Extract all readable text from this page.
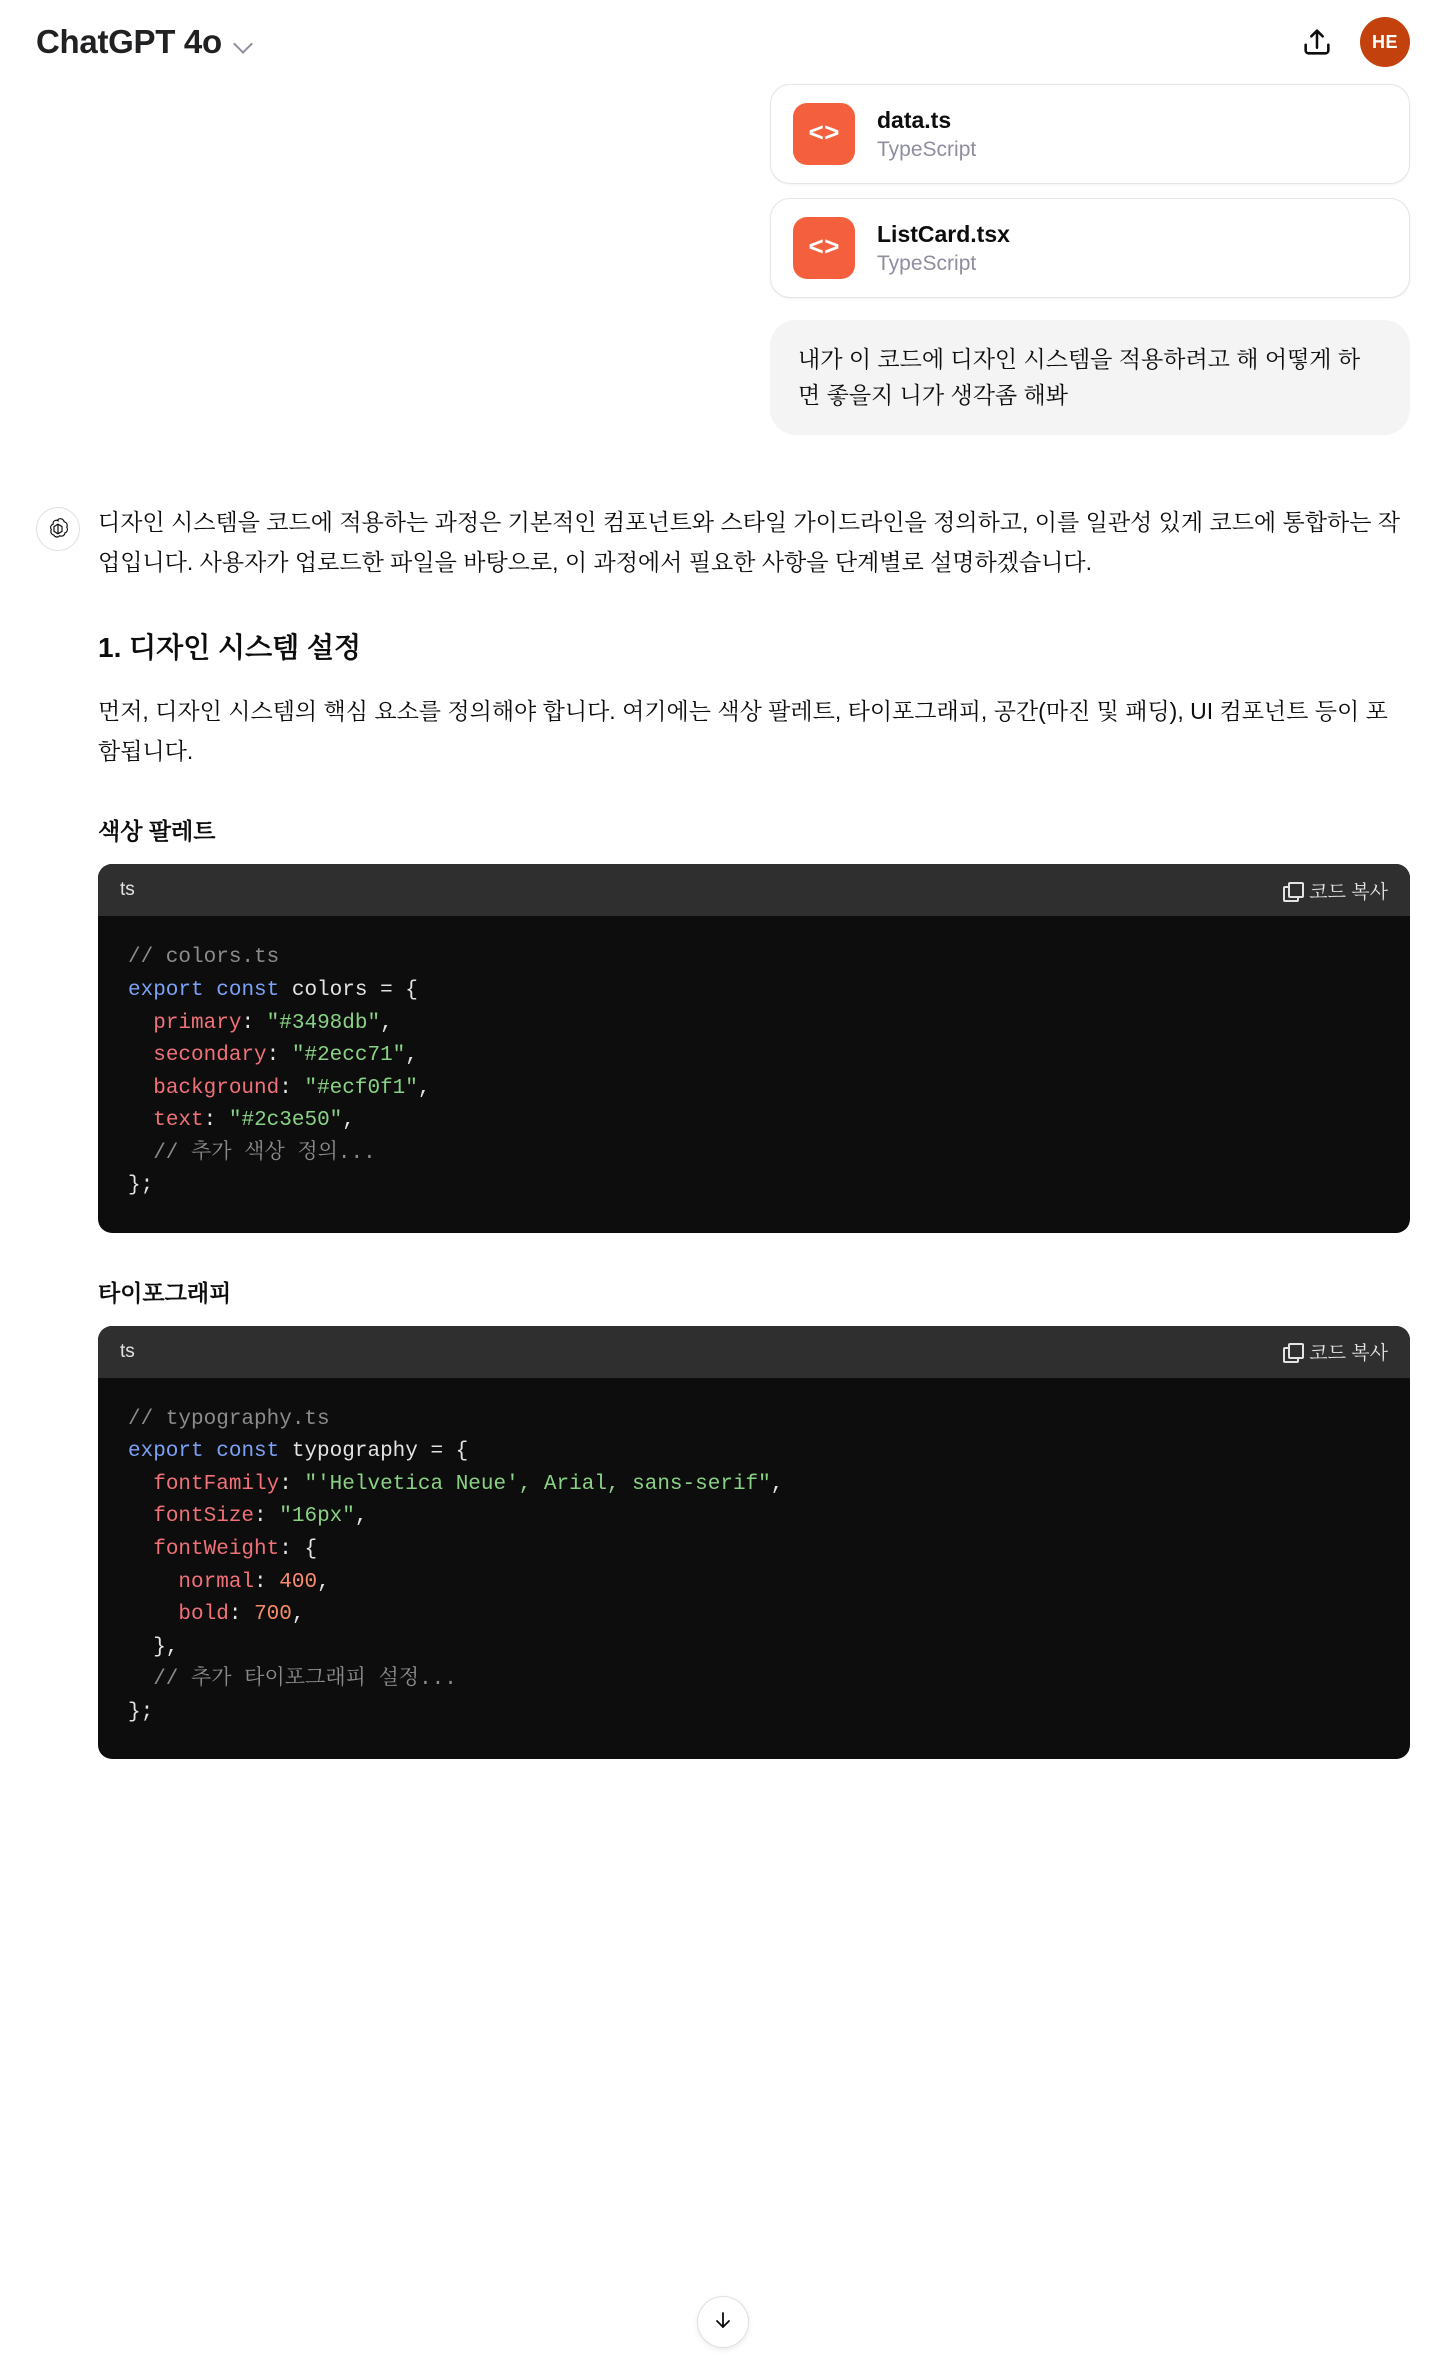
ChatGPT 4o	HE
<>	data.ts
TypeScript
<>	ListCard.tsx
TypeScript
내가 이 코드에 디자인 시스템을 적용하려고 해 어떻게 하면 좋을지 니가 생각좀 해봐

디자인 시스템을 코드에 적용하는 과정은 기본적인 컴포넌트와 스타일 가이드라인을 정의하고, 이를 일관성 있게 코드에 통합하는 작업입니다. 사용자가 업로드한 파일을 바탕으로, 이 과정에서 필요한 사항을 단계별로 설명하겠습니다.

1. 디자인 시스템 설정

먼저, 디자인 시스템의 핵심 요소를 정의해야 합니다. 여기에는 색상 팔레트, 타이포그래피, 공간(마진 및 패딩), UI 컴포넌트 등이 포함됩니다.

색상 팔레트
ts	코드 복사
// colors.ts
export const colors = {
primary: "#3498db",
secondary: "#2ecc71",
background: "#ecf0f1",
text: "#2c3e50",
// 추가 색상 정의...
};
타이포그래피
ts	코드 복사
// typography.ts
export const typography = {
fontFamily: "'Helvetica Neue', Arial, sans-serif",
fontSize: "16px",
fontWeight: {
normal: 400,
bold: 700,
},
// 추가 타이포그래피 설정...
};
